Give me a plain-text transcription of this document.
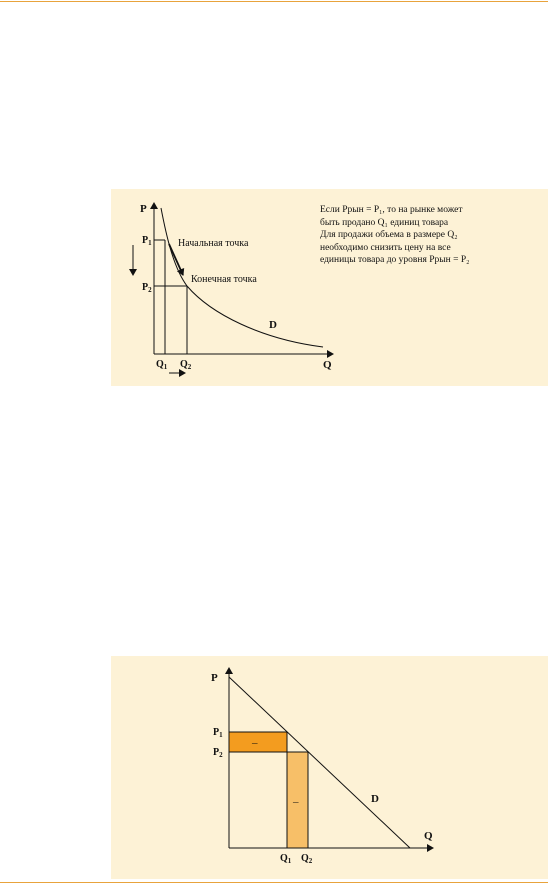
P
Q
$P_1$
$P_2$
$Q_1$ $Q_2$
D
Начальная точка
Конечная точка
Если Pрын = P₁, то на рынке может
быть продано Q₁ единиц товара
Для продажи объема в размере Q₂
необходимо снизить цену на все
единицы товара до уровня Pрын = P₂
P
Q
$P_1$
$P_2$
$Q_1$ $Q_2$
D
–
–
